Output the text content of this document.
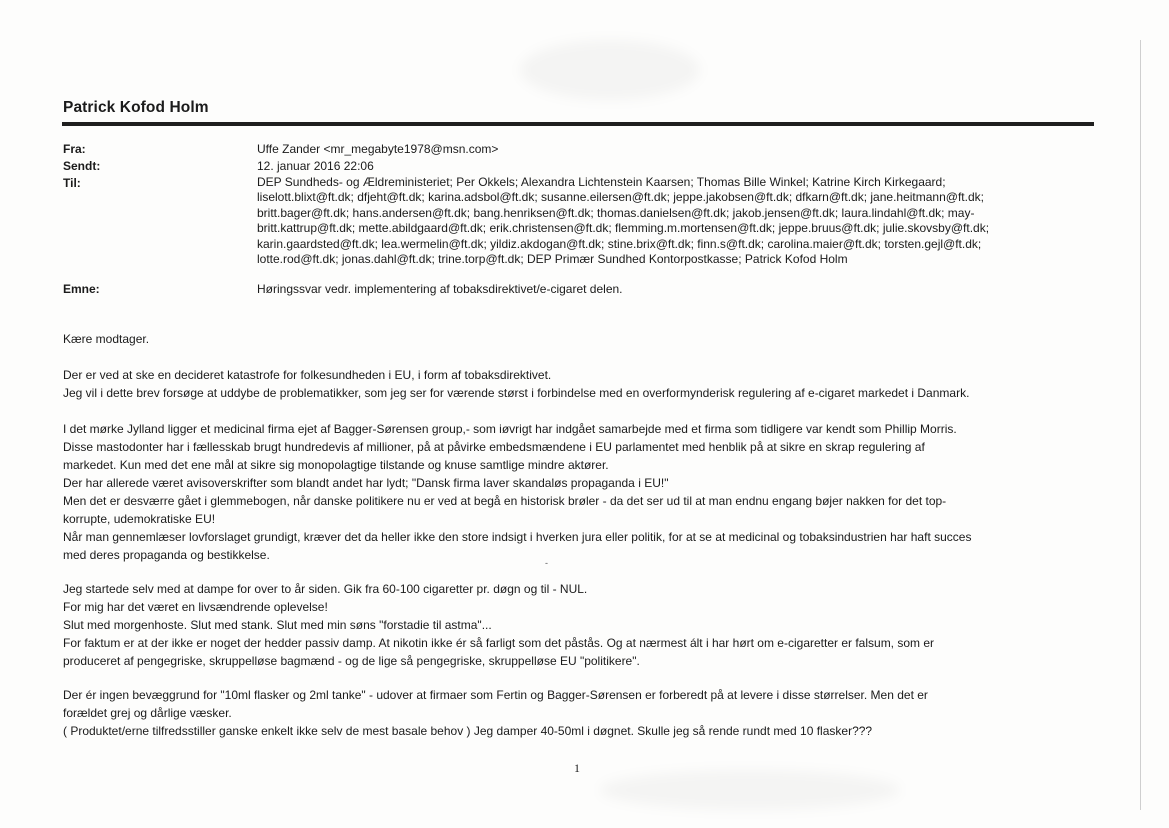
Patrick Kofod Holm
Fra:	Uffe Zander <mr_megabyte1978@msn.com>
Sendt:	12. januar 2016 22:06
Til:	DEP Sundheds- og Ældreministeriet; Per Okkels; Alexandra Lichtenstein Kaarsen; Thomas Bille Winkel; Katrine Kirch Kirkegaard;
liselott.blixt@ft.dk; dfjeht@ft.dk; karina.adsbol@ft.dk; susanne.eilersen@ft.dk; jeppe.jakobsen@ft.dk; dfkarn@ft.dk; jane.heitmann@ft.dk;
britt.bager@ft.dk; hans.andersen@ft.dk; bang.henriksen@ft.dk; thomas.danielsen@ft.dk; jakob.jensen@ft.dk; laura.lindahl@ft.dk; may-
britt.kattrup@ft.dk; mette.abildgaard@ft.dk; erik.christensen@ft.dk; flemming.m.mortensen@ft.dk; jeppe.bruus@ft.dk; julie.skovsby@ft.dk;
karin.gaardsted@ft.dk; lea.wermelin@ft.dk; yildiz.akdogan@ft.dk; stine.brix@ft.dk; finn.s@ft.dk; carolina.maier@ft.dk; torsten.gejl@ft.dk;
lotte.rod@ft.dk; jonas.dahl@ft.dk; trine.torp@ft.dk; DEP Primær Sundhed Kontorpostkasse; Patrick Kofod Holm
Emne:	Høringssvar vedr. implementering af tobaksdirektivet/e-cigaret delen.
Kære modtager.
Der er ved at ske en decideret katastrofe for folkesundheden i EU, i form af tobaksdirektivet.
Jeg vil i dette brev forsøge at uddybe de problematikker, som jeg ser for værende størst i forbindelse med en overformynderisk regulering af e-cigaret markedet i Danmark.
I det mørke Jylland ligger et medicinal firma ejet af Bagger-Sørensen group,- som iøvrigt har indgået samarbejde med et firma som tidligere var kendt som Phillip Morris.
Disse mastodonter har i fællesskab brugt hundredevis af millioner, på at påvirke embedsmændene i EU parlamentet med henblik på at sikre en skrap regulering af
markedet. Kun med det ene mål at sikre sig monopolagtige tilstande og knuse samtlige mindre aktører.
Der har allerede været avisoverskrifter som blandt andet har lydt; "Dansk firma laver skandaløs propaganda i EU!"
Men det er desværre gået i glemmebogen, når danske politikere nu er ved at begå en historisk brøler - da det ser ud til at man endnu engang bøjer nakken for det top-
korrupte, udemokratiske EU!
Når man gennemlæser lovforslaget grundigt, kræver det da heller ikke den store indsigt i hverken jura eller politik, for at se at medicinal og tobaksindustrien har haft succes
med deres propaganda og bestikkelse.
-
Jeg startede selv med at dampe for over to år siden. Gik fra 60-100 cigaretter pr. døgn og til - NUL.
For mig har det været en livsændrende oplevelse!
Slut med morgenhoste. Slut med stank. Slut med min søns "forstadie til astma"...
For faktum er at der ikke er noget der hedder passiv damp. At nikotin ikke ér så farligt som det påstås. Og at nærmest ált i har hørt om e-cigaretter er falsum, som er
produceret af pengegriske, skruppelløse bagmænd - og de lige så pengegriske, skruppelløse EU "politikere".
Der ér ingen bevæggrund for "10ml flasker og 2ml tanke" - udover at firmaer som Fertin og Bagger-Sørensen er forberedt på at levere i disse størrelser. Men det er
forældet grej og dårlige væsker.
( Produktet/erne tilfredsstiller ganske enkelt ikke selv de mest basale behov ) Jeg damper 40-50ml i døgnet. Skulle jeg så rende rundt med 10 flasker???
1
